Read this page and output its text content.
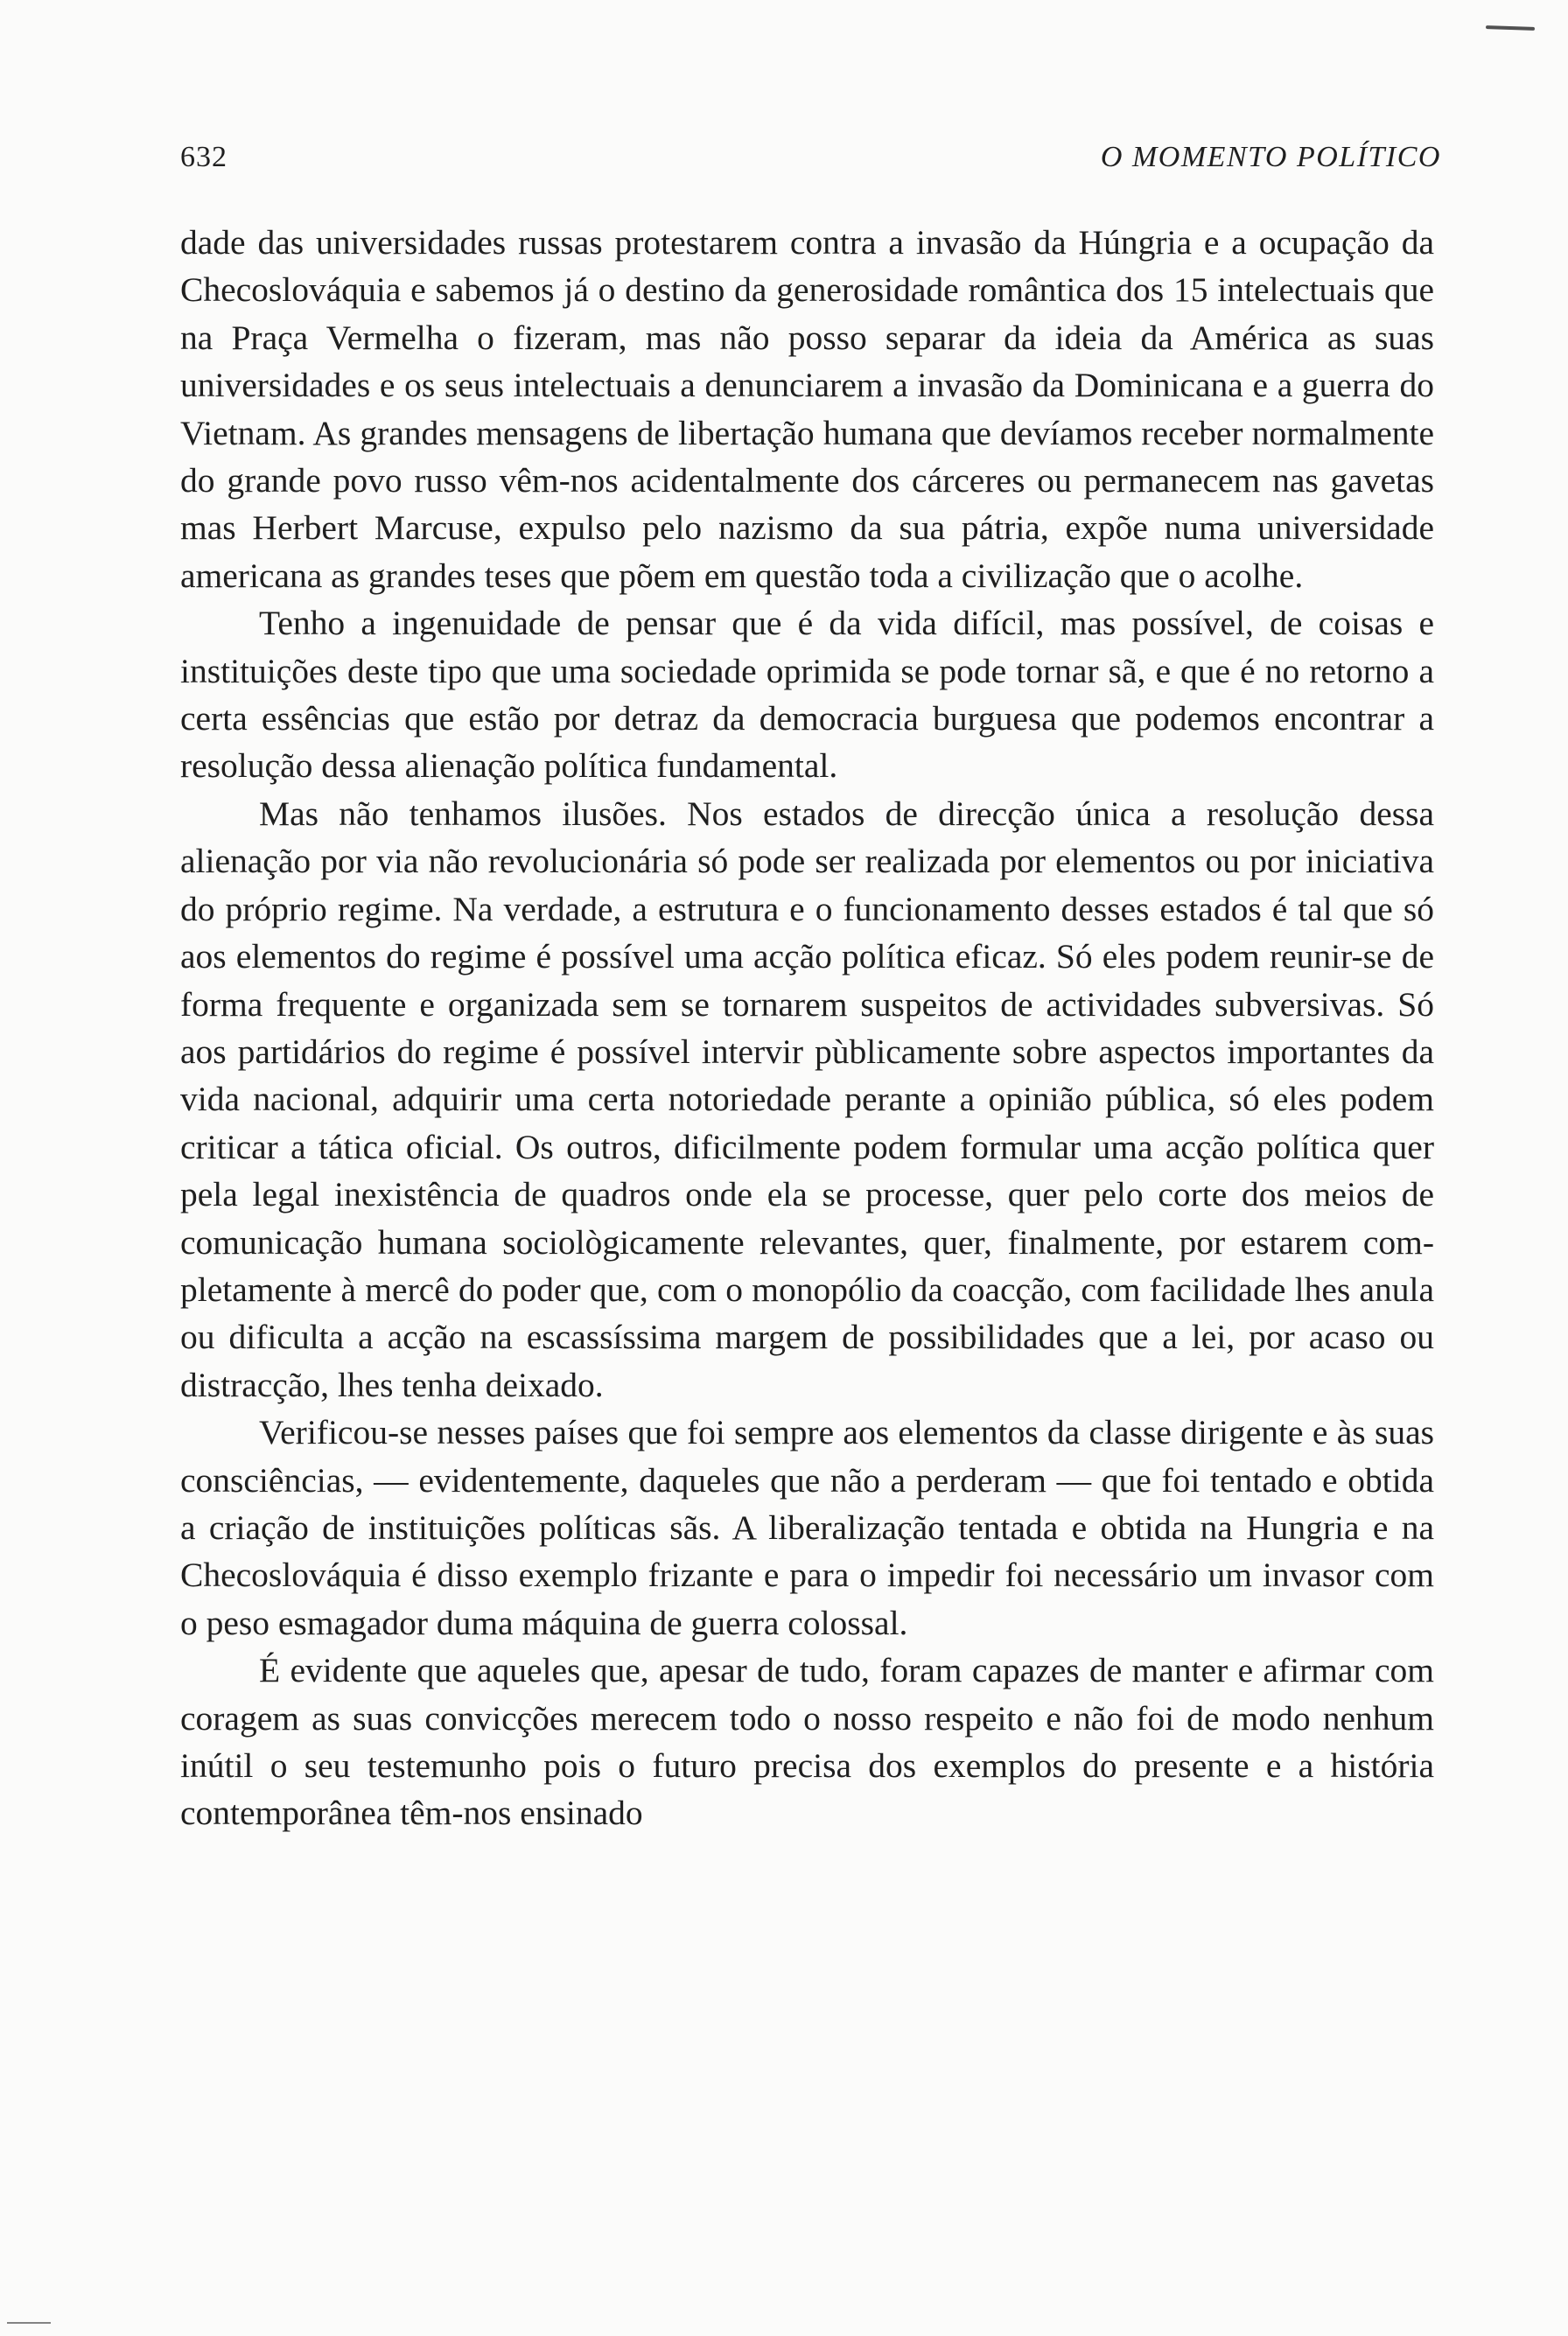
632	O MOMENTO POLÍTICO

dade das universidades russas protestarem contra a invasão da Húngria e a ocupação da Checoslováquia e sabemos já o destino da generosidade romântica dos 15 intelectuais que na Praça Vermelha o fizeram, mas não posso separar da ideia da América as suas universidades e os seus intelectuais a denunciarem a invasão da Dominicana e a guerra do Vietnam. As grandes mensagens de libertação humana que devíamos receber normalmente do grande povo russo vêm-nos acidentalmente dos cárceres ou permanecem nas gavetas mas Herbert Marcuse, expulso pelo nazismo da sua pátria, expõe numa universidade americana as grandes teses que põem em questão toda a civilização que o acolhe.

Tenho a ingenuidade de pensar que é da vida difícil, mas possível, de coisas e instituições deste tipo que uma sociedade oprimida se pode tornar sã, e que é no retorno a certa essências que estão por detraz da democracia burguesa que podemos encontrar a resolução dessa alienação política fundamental.

Mas não tenhamos ilusões. Nos estados de direcção única a resolução dessa alienação por via não revolucionária só pode ser realizada por elementos ou por iniciativa do próprio regime. Na verdade, a estrutura e o funcionamento desses estados é tal que só aos elementos do regime é possível uma acção política eficaz. Só eles podem reunir-se de forma frequente e organizada sem se tornarem suspeitos de actividades subversivas. Só aos partidários do regime é possível intervir pùblicamente sobre aspectos importantes da vida nacional, adquirir uma certa notoriedade perante a opinião pública, só eles podem criticar a tática oficial. Os outros, dificilmente podem formular uma acção política quer pela legal inexistência de quadros onde ela se processe, quer pelo corte dos meios de comunicação humana sociològicamente relevantes, quer, finalmente, por estarem completamente à mercê do poder que, com o monopólio da coacção, com facilidade lhes anula ou dificulta a acção na escassíssima margem de possibilidades que a lei, por acaso ou distracção, lhes tenha deixado.

Verificou-se nesses países que foi sempre aos elementos da classe dirigente e às suas consciências, — evidentemente, daqueles que não a perderam — que foi tentado e obtida a criação de instituições políticas sãs. A liberalização tentada e obtida na Hungria e na Checoslováquia é disso exemplo frizante e para o impedir foi necessário um invasor com o peso esmagador duma máquina de guerra colossal.

É evidente que aqueles que, apesar de tudo, foram capazes de manter e afirmar com coragem as suas convicções merecem todo o nosso respeito e não foi de modo nenhum inútil o seu testemunho pois o futuro precisa dos exemplos do presente e a história contemporânea têm-nos ensinado
